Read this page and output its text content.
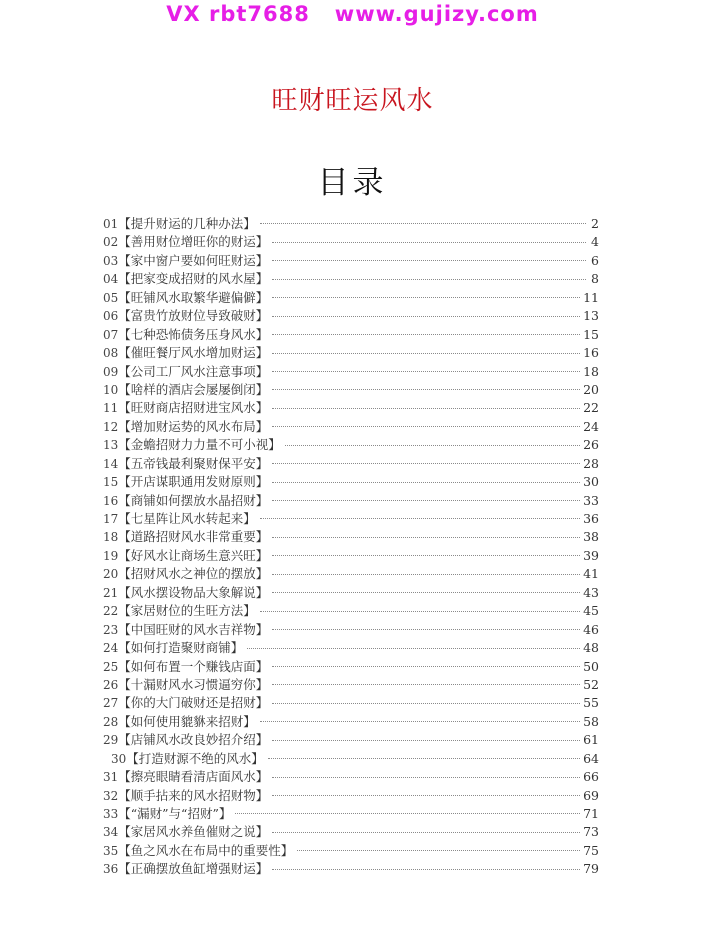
VX rbt7688   www.gujizy.com
旺财旺运风水
目录
01 【提升财运的几种办法】	2
02 【善用财位增旺你的财运】	4
03 【家中窗户要如何旺财运】	6
04 【把家变成招财的风水屋】	8
05 【旺铺风水取繁华避偏僻】	11
06 【富贵竹放财位导致破财】	13
07 【七种恐怖债务压身风水】	15
08 【催旺餐厅风水增加财运】	16
09 【公司工厂风水注意事项】	18
10 【啥样的酒店会屡屡倒闭】	20
11 【旺财商店招财进宝风水】	22
12 【增加财运势的风水布局】	24
13 【金蟾招财力力量不可小视】	26
14 【五帝钱最利聚财保平安】	28
15 【开店谋职通用发财原则】	30
16 【商铺如何摆放水晶招财】	33
17 【七星阵让风水转起来】	36
18 【道路招财风水非常重要】	38
19 【好风水让商场生意兴旺】	39
20 【招财风水之神位的摆放】	41
21 【风水摆设物品大象解说】	43
22 【家居财位的生旺方法】	45
23 【中国旺财的风水吉祥物】	46
24 【如何打造聚财商铺】	48
25 【如何布置一个赚钱店面】	50
26 【十漏财风水习惯逼穷你】	52
27 【你的大门破财还是招财】	55
28 【如何使用貔貅来招财】	58
29 【店铺风水改良妙招介绍】	61
30 【打造财源不绝的风水】	64
31 【擦亮眼睛看清店面风水】	66
32 【顺手拈来的风水招财物】	69
33 【“漏财”与“招财”】	71
34 【家居风水养鱼催财之说】	73
35 【鱼之风水在布局中的重要性】	75
36 【正确摆放鱼缸增强财运】	79
